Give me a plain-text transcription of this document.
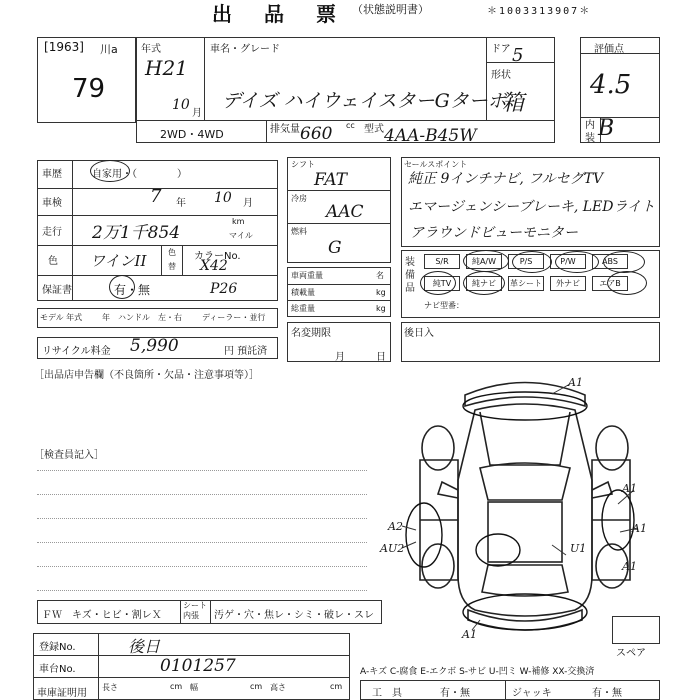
出　品　票 （状態説明書）	＊1003313907＊
[1963] 川a
79
年式
H21
10
月
車名・グレード
デイズ ハイウェイスターGターボ
ドア 5
形状
箱
2WD・4WD	排気量 660 cc 型式 4AA-B45W
評価点
4.5
内
装 B
車歴	自家用・（　　　　）
車検	7 年 10 月
走行 2万1千854
km
マイル
色 ワインII	色
替
カラーNo.
X42
保証書	有・無	P26
モデル 年式 年 ハンドル　左・右	ディーラー・並行
リサイクル料金 5,990	円 預託済
シフト
FAT
冷房
AAC
燃料
G
車両重量	名
積載量	kg
総重量	kg
名変期限
月	日
セールスポイント
純正 9インチナビ, フルセグTV
エマージェンシーブレーキ, LEDライト
アラウンドビューモニター
装備品
S/R	純A/W	P/S	P/W	ABS
純TV	純ナビ	革シート	外ナビ	エアB
ナビ型番：
後日入
［出品店申告欄（不良箇所・欠品・注意事項等）］
［検査員記入］
A1
A1
A2	A1
AU2	U1
A1
A1
スペア
ＦＷ　キズ・ヒビ・割レＸ
シート 内張	汚ゲ・穴・焦レ・シミ・破レ・スレ
登録No.	後日
車台No.	0101257
車庫証明用
長さ	cm 幅	cm 高さ	cm
A-キズ C-腐食 E-エクボ S-サビ U-凹ミ W-補修 XX-交換済
工　具	有・無	ジャッキ	有・無
